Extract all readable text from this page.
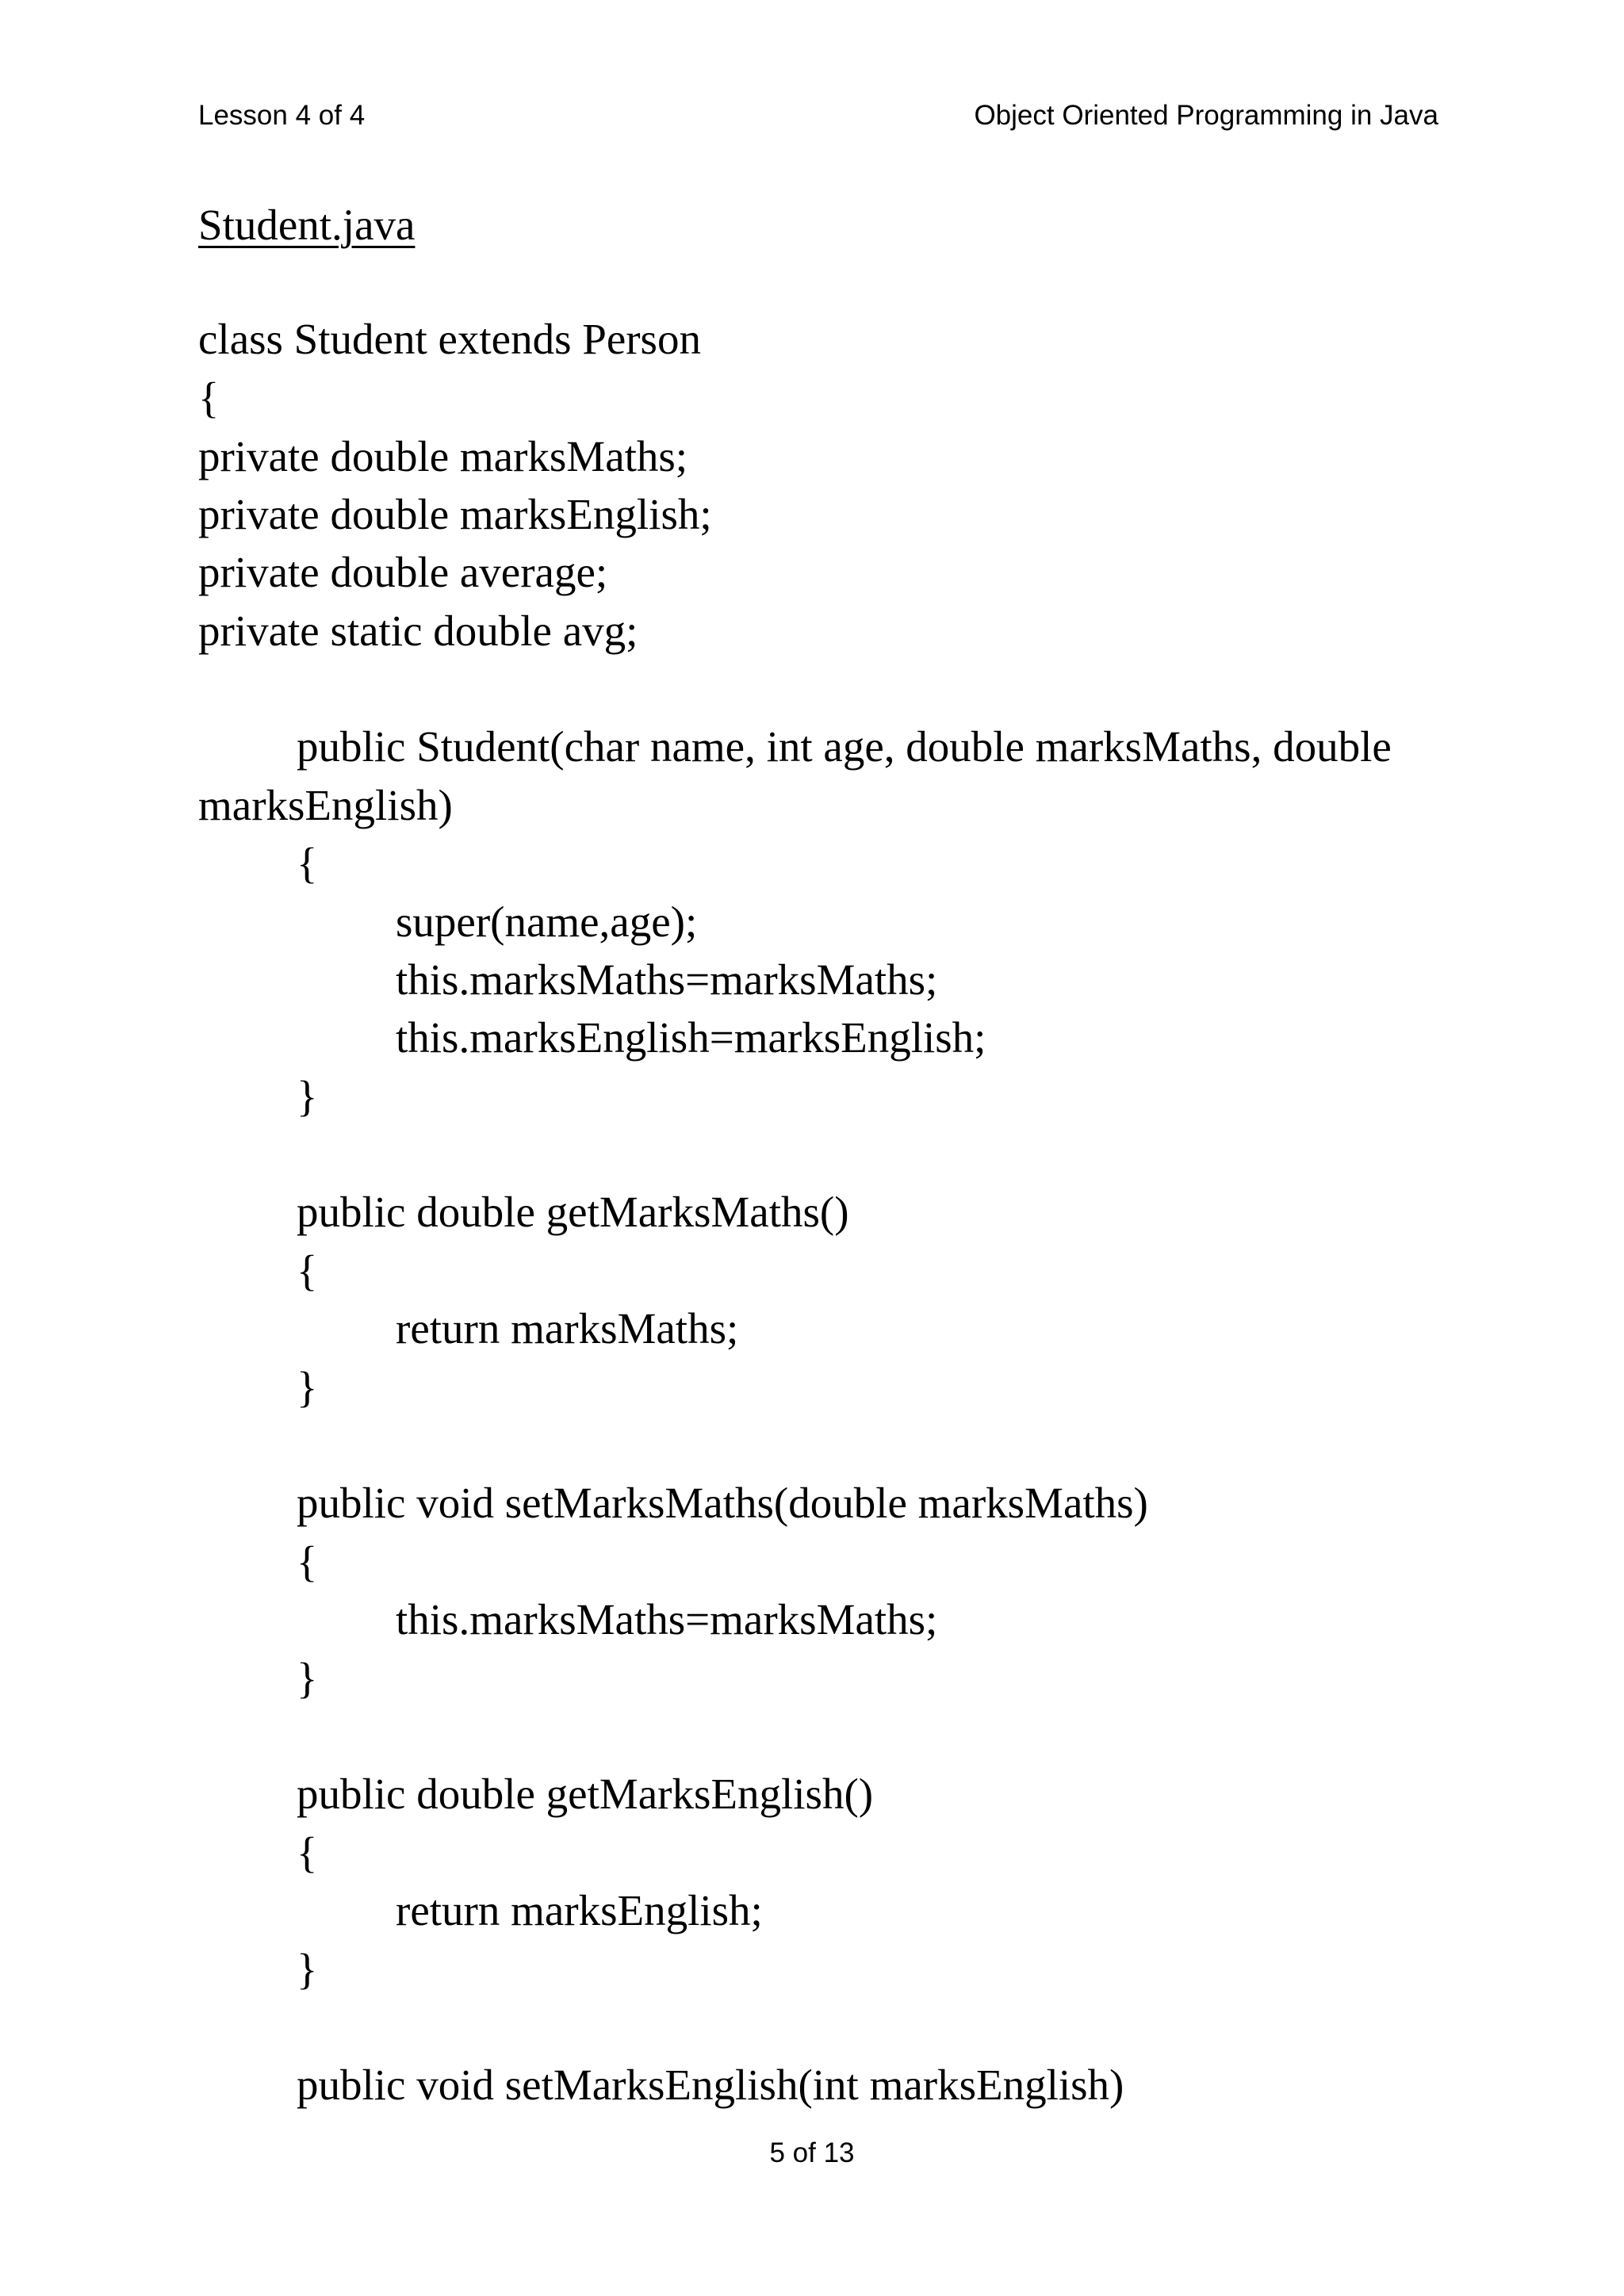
Lesson 4 of 4	Object Oriented Programming in Java
Student.java
class Student extends Person
{
private double marksMaths;
private double marksEnglish;
private double average;
private static double avg;
public Student(char name, int age, double marksMaths, double
marksEnglish)
{
super(name,age);
this.marksMaths=marksMaths;
this.marksEnglish=marksEnglish;
}
public double getMarksMaths()
{
return marksMaths;
}
public void setMarksMaths(double marksMaths)
{
this.marksMaths=marksMaths;
}
public double getMarksEnglish()
{
return marksEnglish;
}
public void setMarksEnglish(int marksEnglish)
5 of 13
